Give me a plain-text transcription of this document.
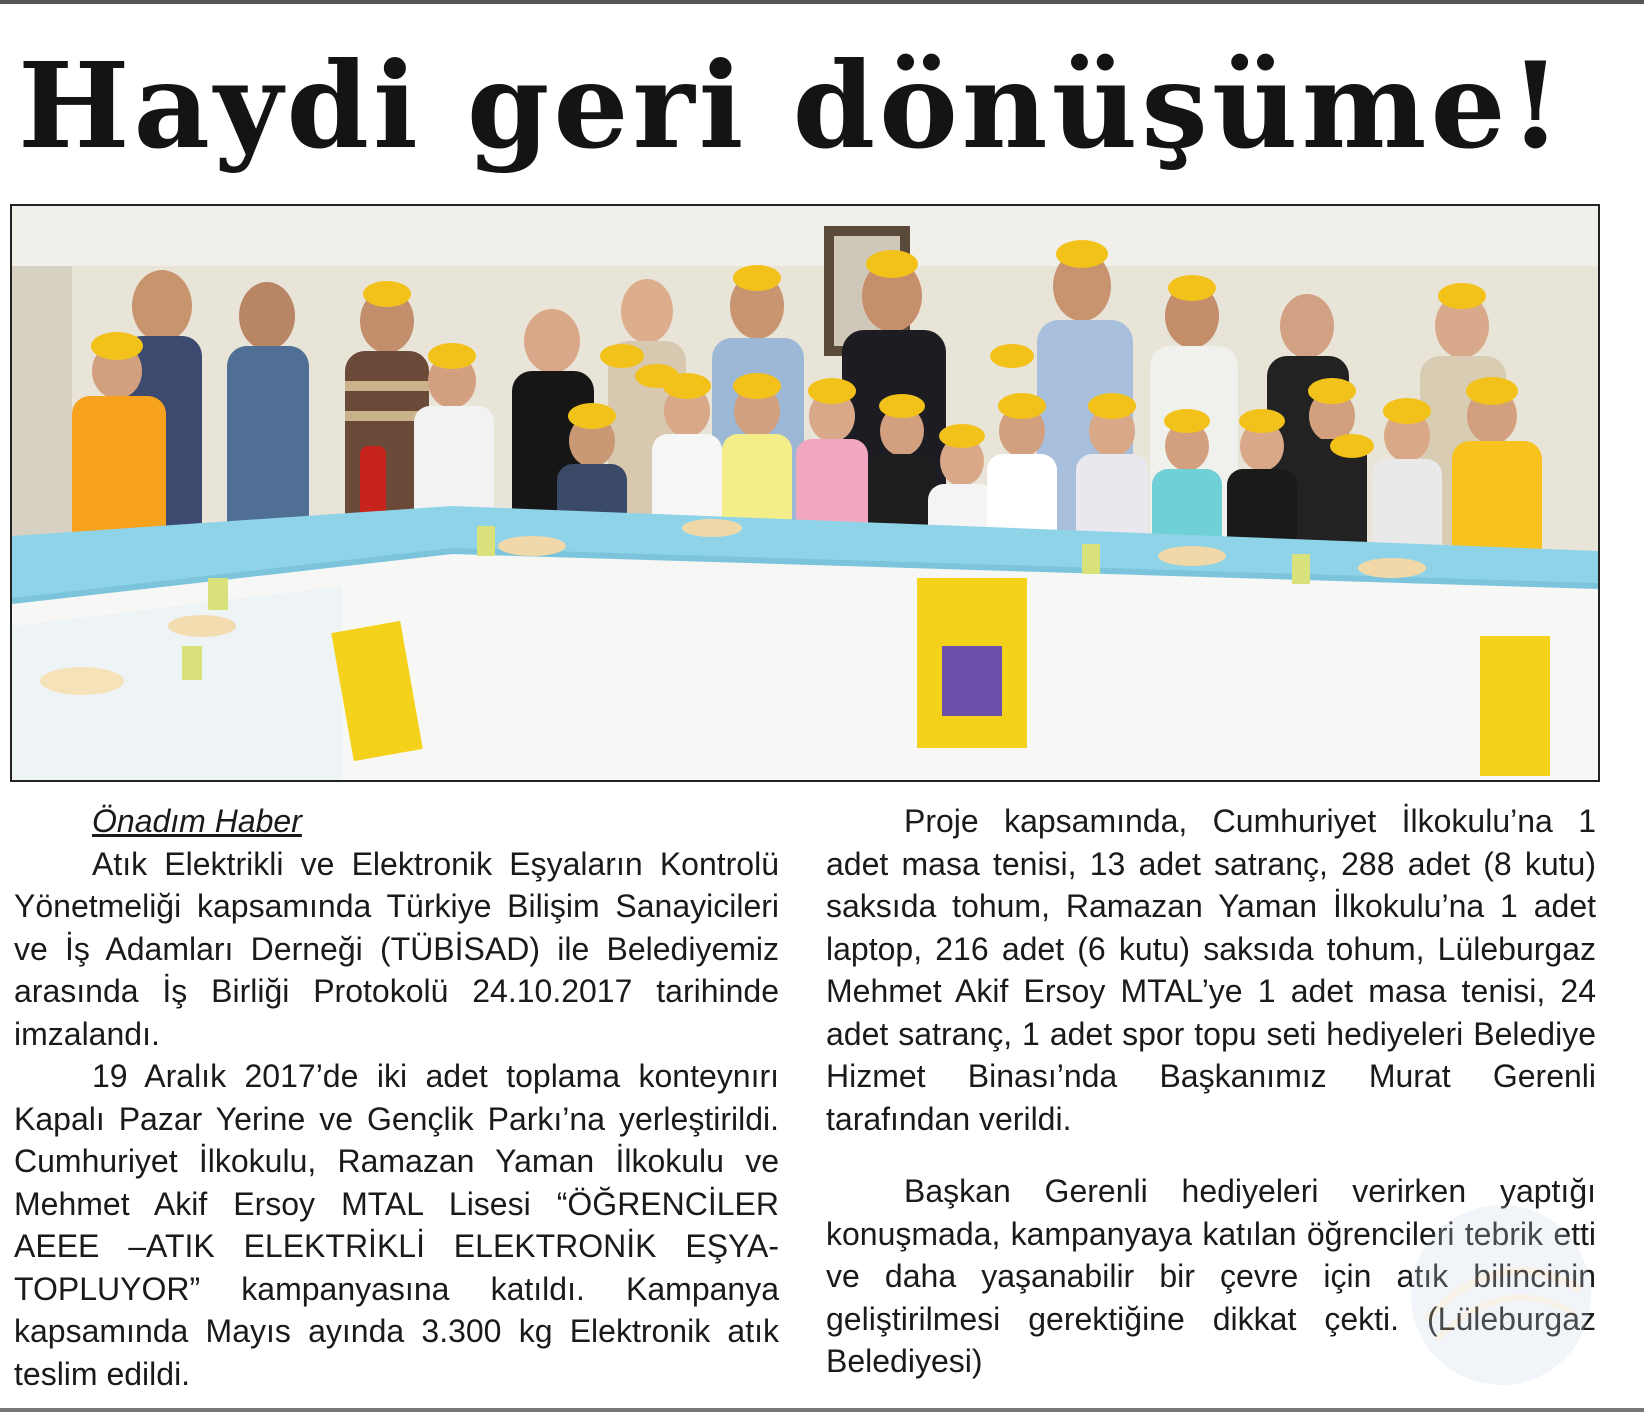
Haydi geri dönüşüme!
Önadım Haber

Atık Elektrikli ve Elektronik Eşyaların Kontrolü Yönetmeliği kapsamında Türkiye Bilişim Sanayicileri ve İş Adamları Derneği (TÜBİSAD) ile Belediyemiz arasında İş Birliği Protokolü 24.10.2017 tarihinde imzalandı.

19 Aralık 2017’de iki adet toplama konteynırı Kapalı Pazar Yerine ve Gençlik Parkı’na yerleştirildi. Cumhuriyet İlkokulu, Ramazan Yaman İlkokulu ve Mehmet Akif Ersoy MTAL Lisesi “ÖĞRENCİLER AEEE –ATIK ELEKTRİKLİ ELEKTRONİK EŞYA- TOPLUYOR” kampanyasına katıldı. Kampanya kapsamında Mayıs ayında 3.300 kg Elektronik atık teslim edildi.

Proje kapsamında, Cumhuriyet İlkokulu’na 1 adet masa tenisi, 13 adet satranç, 288 adet (8 kutu) saksıda tohum, Ramazan Yaman İlkokulu’na 1 adet laptop, 216 adet (6 kutu) saksıda tohum, Lüleburgaz Mehmet Akif Ersoy MTAL’ye 1 adet masa tenisi, 24 adet satranç, 1 adet spor topu seti hediyeleri Belediye Hizmet Binası’nda Başkanımız Murat Gerenli tarafından verildi.

Başkan Gerenli hediyeleri verirken yaptığı konuşmada, kampanyaya katılan öğrencileri tebrik etti ve daha yaşanabilir bir çevre için atık bilincinin geliştirilmesi gerektiğine dikkat çekti. (Lüleburgaz Belediyesi)
